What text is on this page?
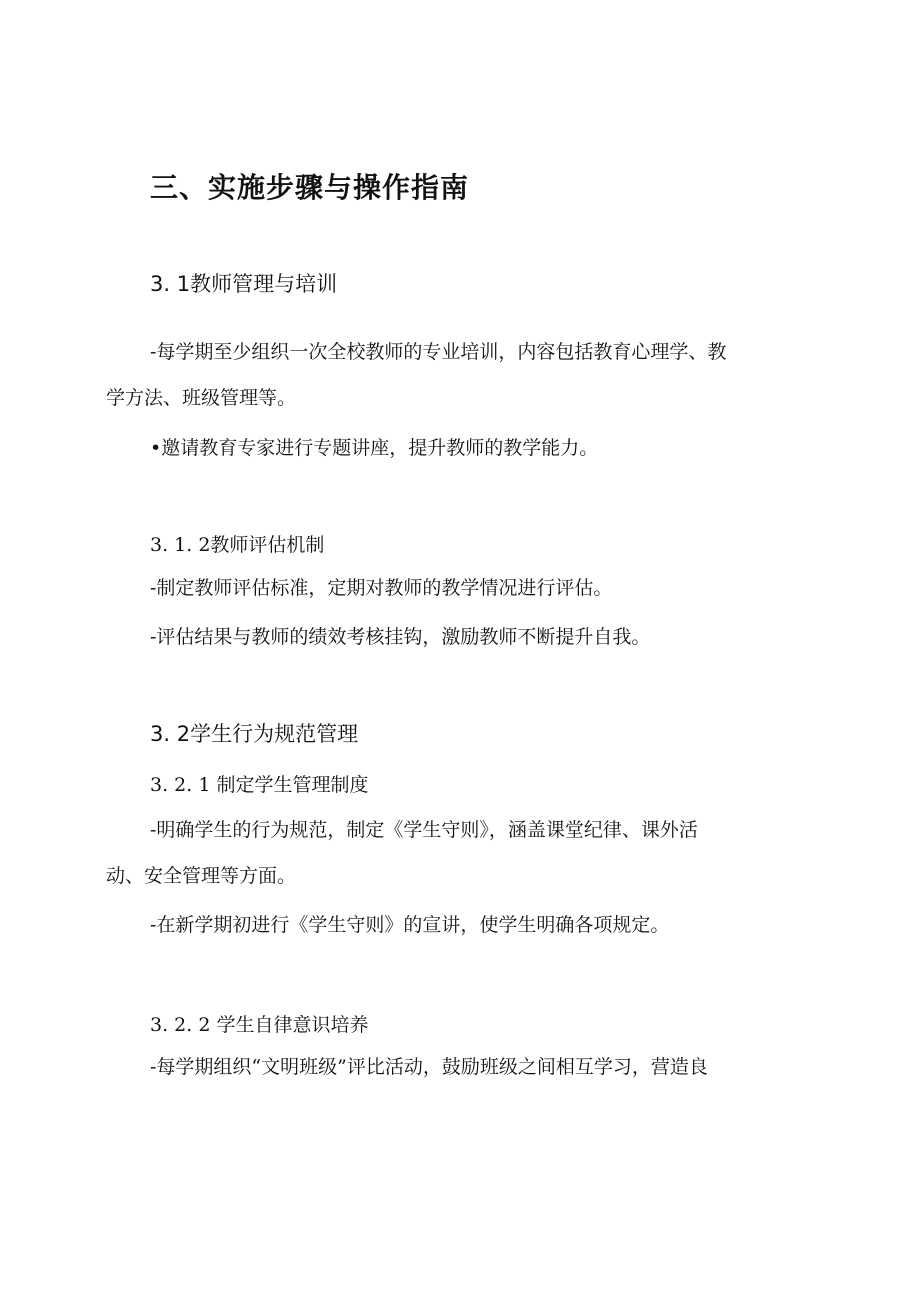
三、实施步骤与操作指南
3. 1教师管理与培训
-每学期至少组织一次全校教师的专业培训，内容包括教育心理学、教
学方法、班级管理等。
•邀请教育专家进行专题讲座，提升教师的教学能力。
3. 1. 2教师评估机制
-制定教师评估标准，定期对教师的教学情况进行评估。
-评估结果与教师的绩效考核挂钩，激励教师不断提升自我。
3. 2学生行为规范管理
3. 2. 1 制定学生管理制度
-明确学生的行为规范，制定《学生守则》，涵盖课堂纪律、课外活
动、安全管理等方面。
-在新学期初进行《学生守则》的宣讲，使学生明确各项规定。
3. 2. 2 学生自律意识培养
-每学期组织“文明班级”评比活动，鼓励班级之间相互学习，营造良
